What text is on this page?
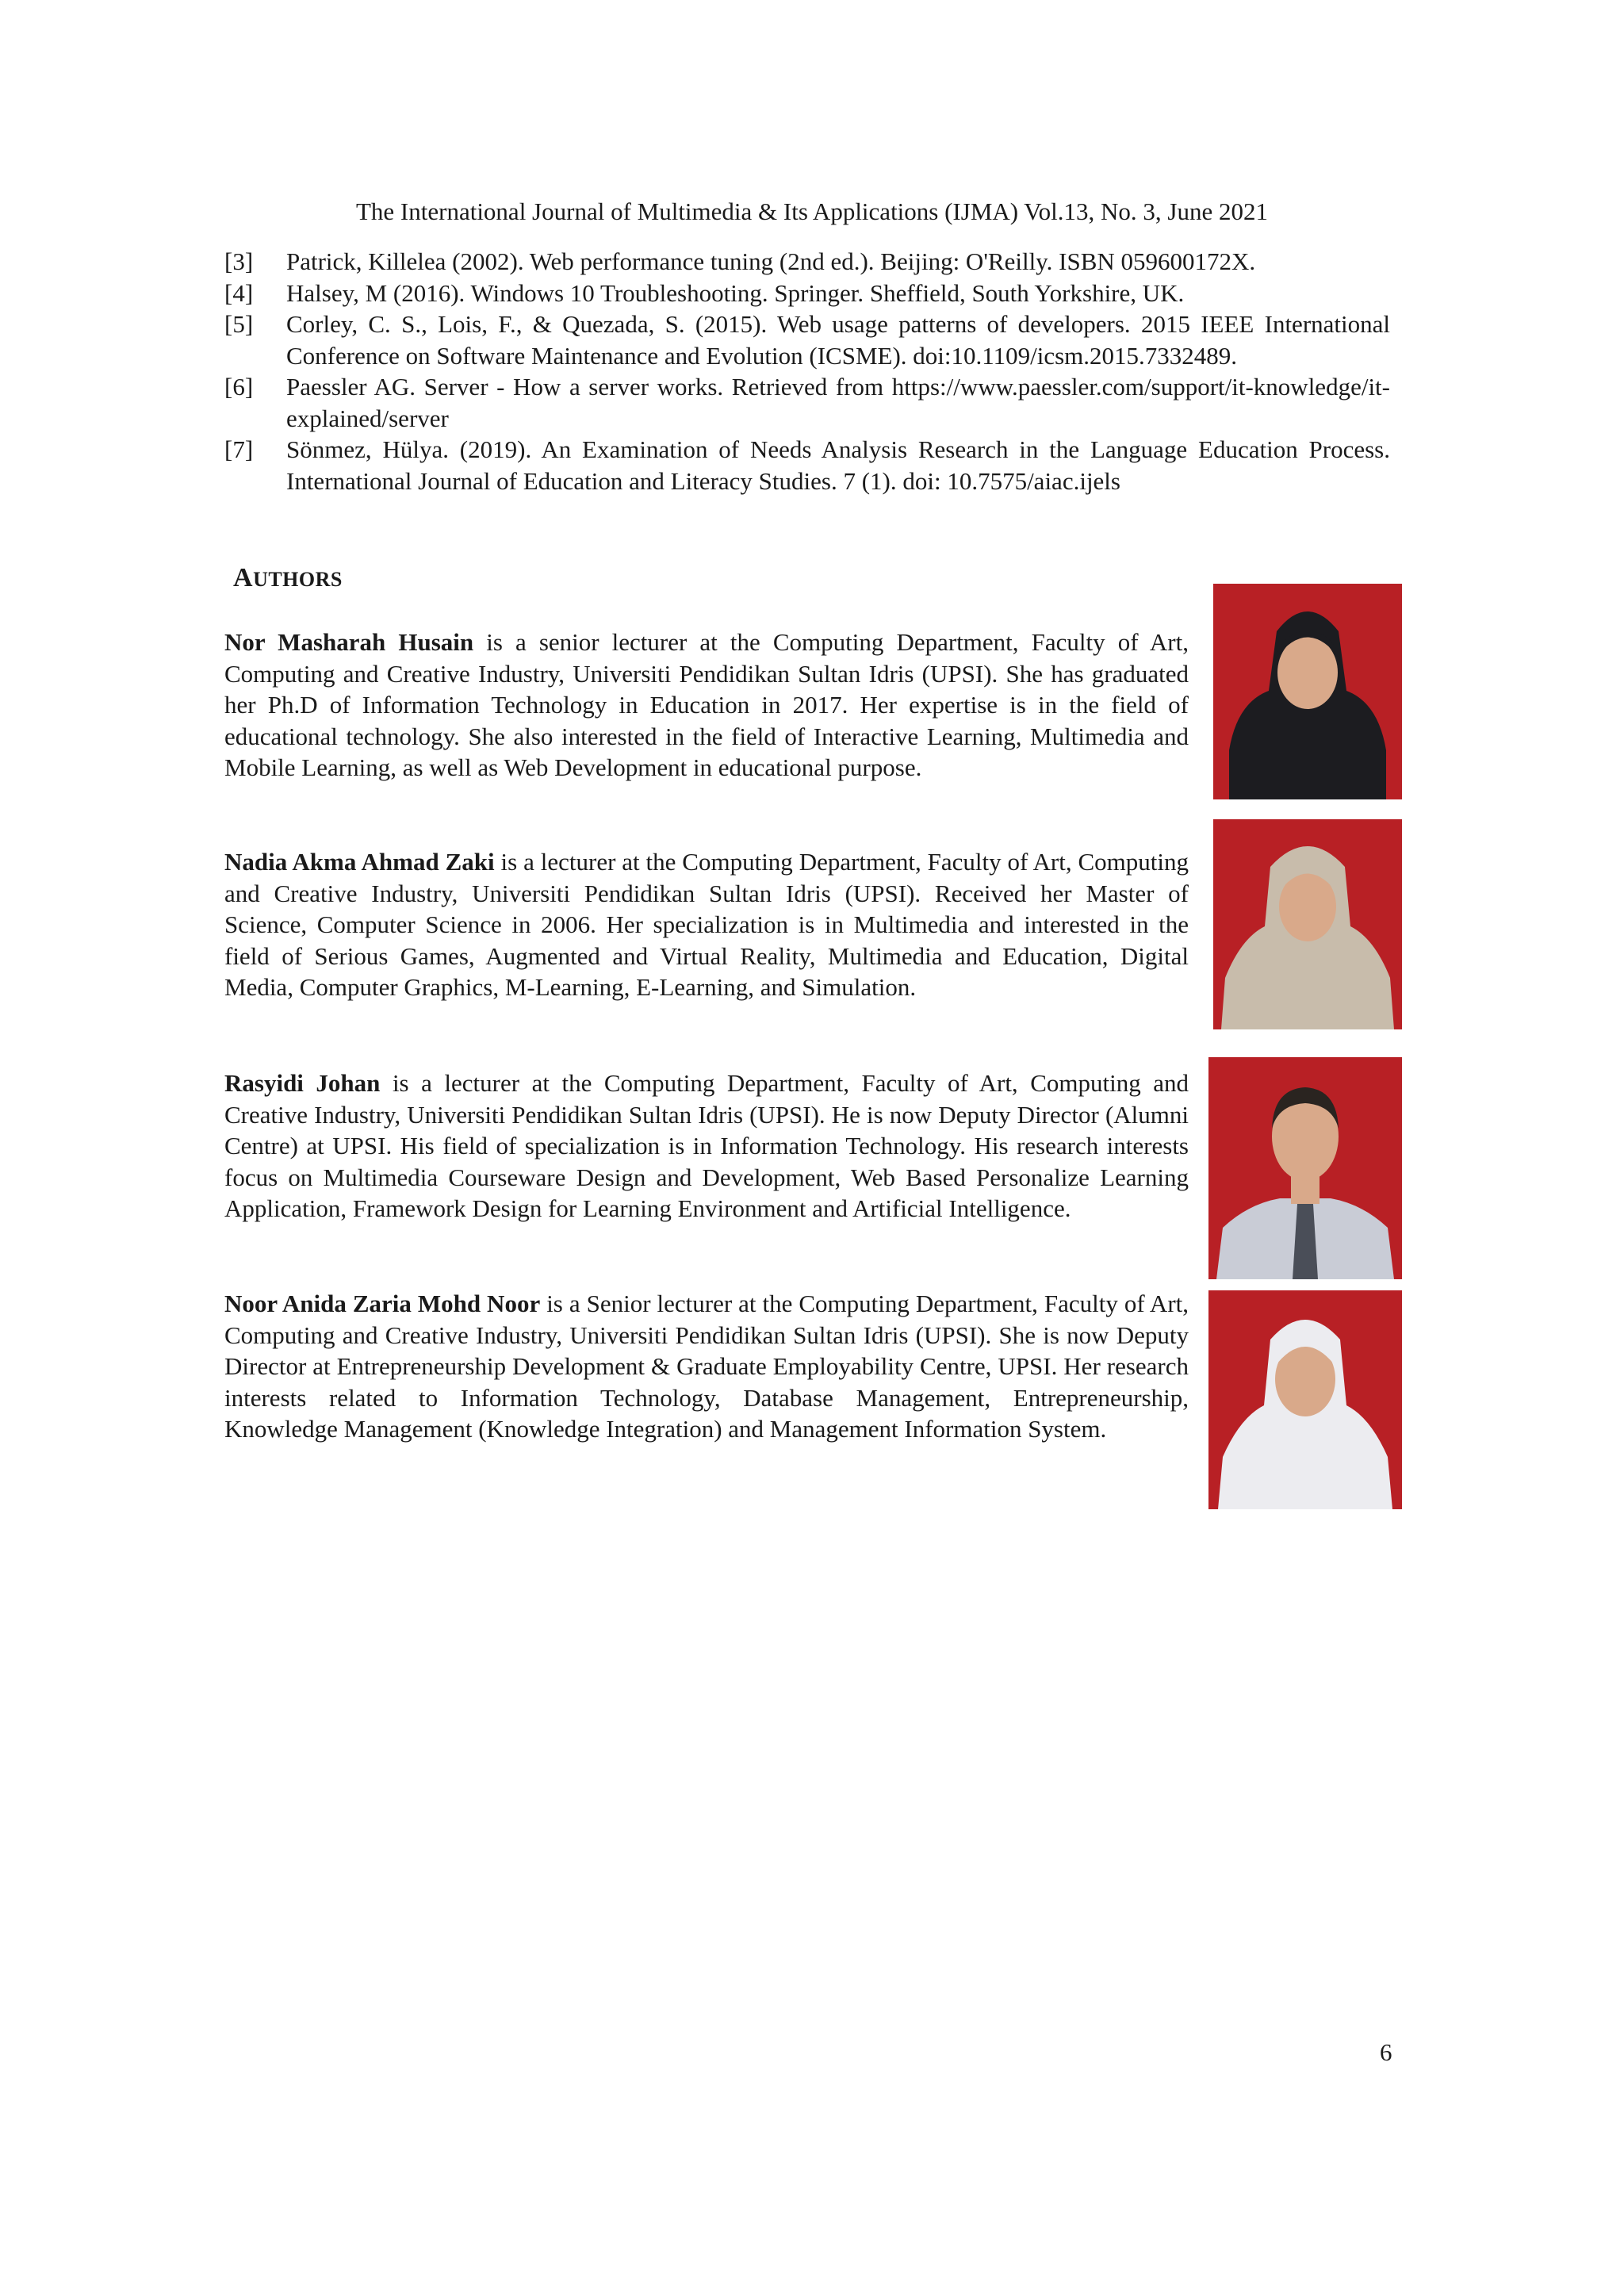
The International Journal of Multimedia & Its Applications (IJMA) Vol.13, No. 3, June 2021
[3]	Patrick, Killelea (2002). Web performance tuning (2nd ed.). Beijing: O'Reilly. ISBN 059600172X.
[4]	Halsey, M (2016). Windows 10 Troubleshooting. Springer. Sheffield, South Yorkshire, UK.
[5]	Corley, C. S., Lois, F., & Quezada, S. (2015). Web usage patterns of developers. 2015 IEEE International Conference on Software Maintenance and Evolution (ICSME). doi:10.1109/icsm.2015.7332489.
[6]	Paessler AG. Server - How a server works. Retrieved from https://www.paessler.com/support/it-knowledge/it-explained/server
[7]	Sönmez, Hülya. (2019). An Examination of Needs Analysis Research in the Language Education Process. International Journal of Education and Literacy Studies. 7 (1). doi: 10.7575/aiac.ijels
AUTHORS
Nor Masharah Husain is a senior lecturer at the Computing Department, Faculty of Art, Computing and Creative Industry, Universiti Pendidikan Sultan Idris (UPSI). She has graduated her Ph.D of Information Technology in Education in 2017. Her expertise is in the field of educational technology. She also interested in the field of Interactive Learning, Multimedia and Mobile Learning, as well as Web Development in educational purpose.
Nadia Akma Ahmad Zaki is a lecturer at the Computing Department, Faculty of Art, Computing and Creative Industry, Universiti Pendidikan Sultan Idris (UPSI). Received her Master of Science, Computer Science in 2006. Her specialization is in Multimedia and interested in the field of Serious Games, Augmented and Virtual Reality, Multimedia and Education, Digital Media, Computer Graphics, M-Learning, E-Learning, and Simulation.
Rasyidi Johan is a lecturer at the Computing Department, Faculty of Art, Computing and Creative Industry, Universiti Pendidikan Sultan Idris (UPSI). He is now Deputy Director (Alumni Centre) at UPSI. His field of specialization is in Information Technology. His research interests focus on Multimedia Courseware Design and Development, Web Based Personalize Learning Application, Framework Design for Learning Environment and Artificial Intelligence.
Noor Anida Zaria Mohd Noor is a Senior lecturer at the Computing Department, Faculty of Art, Computing and Creative Industry, Universiti Pendidikan Sultan Idris (UPSI). She is now Deputy Director at Entrepreneurship Development & Graduate Employability Centre, UPSI. Her research interests related to Information Technology, Database Management, Entrepreneurship, Knowledge Management (Knowledge Integration) and Management Information System.
6
